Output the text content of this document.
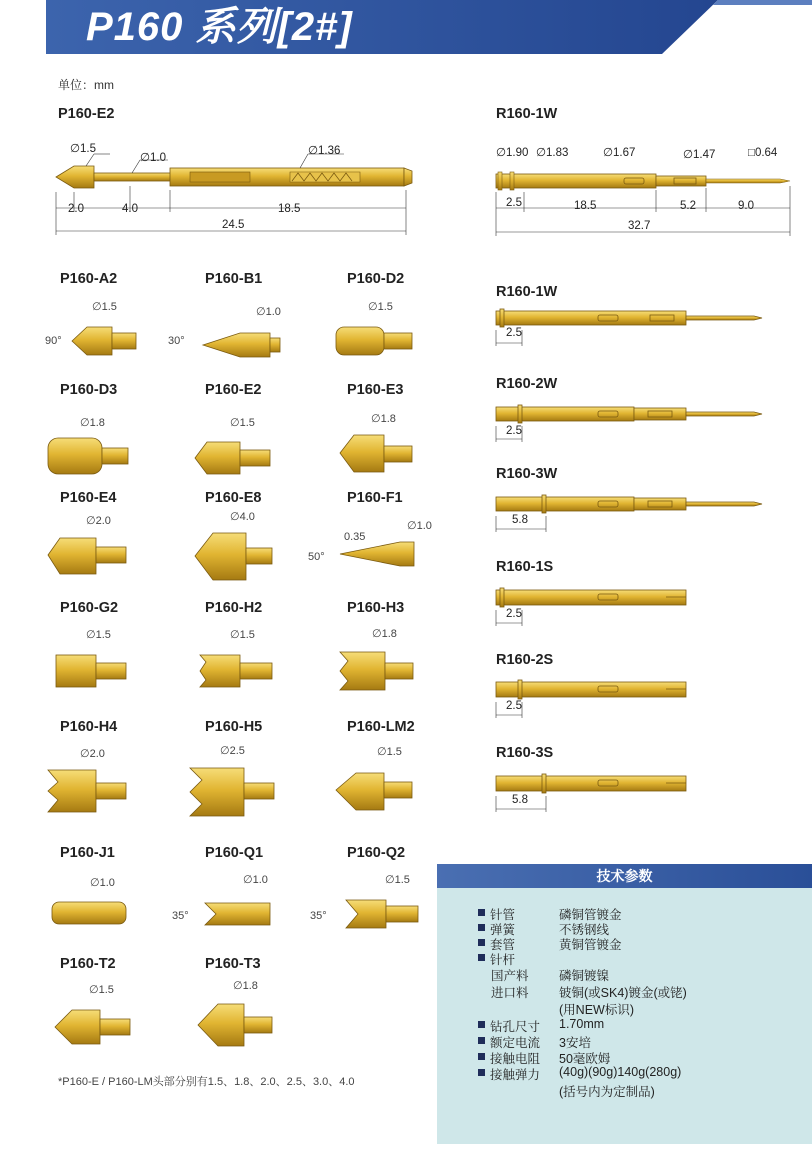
P160 系列[2#]
单位：mm
P160-E2
∅1.5
∅1.0
∅1.36
2.0	4.0	18.5
24.5
R160-1W
∅1.90 ∅1.83	∅1.67	∅1.47	□0.64
2.5	18.5	5.2	9.0
32.7
P160-A2	P160-B1	P160-D2
P160-D3	P160-E2	P160-E3
P160-E4	P160-E8	P160-F1
P160-G2	P160-H2	P160-H3
P160-H4	P160-H5	P160-LM2
P160-J1	P160-Q1	P160-Q2
P160-T2	P160-T3
∅1.5	∅1.0	∅1.5
∅1.8	∅1.5	∅1.8
∅2.0	∅4.0
∅1.0
∅1.5	∅1.5	∅1.8
∅2.0	∅2.5	∅1.5
∅1.0	∅1.0	∅1.5
∅1.5	∅1.8
90°	30°
50°
0.35
35°	35°
R160-1W
R160-2W
R160-3W
R160-1S
R160-2S
R160-3S
2.5
2.5
5.8
2.5
2.5
5.8
*P160-E / P160-LM头部分别有1.5、1.8、2.0、2.5、3.0、4.0
技术参数
针管	磷铜管镀金
弹簧	不锈钢线
套管	黄铜管镀金
针杆
国产料 磷铜镀镍
进口料 铍铜(或SK4)镀金(或铑)
(用NEW标识)
钻孔尺寸 1.70mm
额定电流 3安培
接触电阻 50毫欧姆
接触弹力 (40g)(90g)140g(280g)
(括号内为定制品)
